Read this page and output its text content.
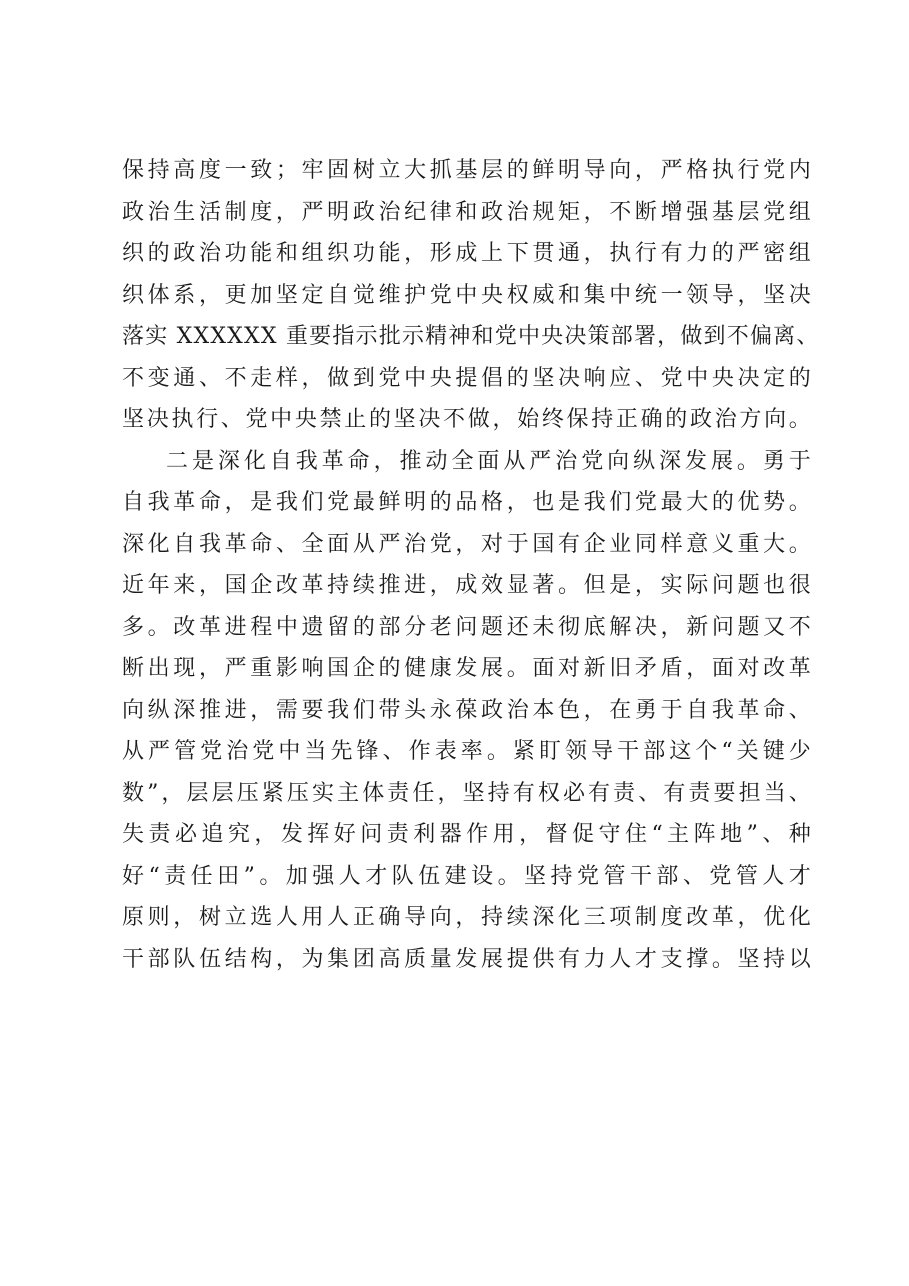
保持高度一致；牢固树立大抓基层的鲜明导向，严格执行党内
政治生活制度，严明政治纪律和政治规矩，不断增强基层党组
织的政治功能和组织功能，形成上下贯通，执行有力的严密组
织体系，更加坚定自觉维护党中央权威和集中统一领导，坚决
落实 XXXXXX 重要指示批示精神和党中央决策部署，做到不偏离、
不变通、不走样，做到党中央提倡的坚决响应、党中央决定的
坚决执行、党中央禁止的坚决不做，始终保持正确的政治方向。
二是深化自我革命，推动全面从严治党向纵深发展。勇于
自我革命，是我们党最鲜明的品格，也是我们党最大的优势。
深化自我革命、全面从严治党，对于国有企业同样意义重大。
近年来，国企改革持续推进，成效显著。但是，实际问题也很
多。改革进程中遗留的部分老问题还未彻底解决，新问题又不
断出现，严重影响国企的健康发展。面对新旧矛盾，面对改革
向纵深推进，需要我们带头永葆政治本色，在勇于自我革命、
从严管党治党中当先锋、作表率。紧盯领导干部这个“关键少
数”，层层压紧压实主体责任，坚持有权必有责、有责要担当、
失责必追究，发挥好问责利器作用，督促守住“主阵地”、种
好“责任田”。加强人才队伍建设。坚持党管干部、党管人才
原则，树立选人用人正确导向，持续深化三项制度改革，优化
干部队伍结构，为集团高质量发展提供有力人才支撑。坚持以
